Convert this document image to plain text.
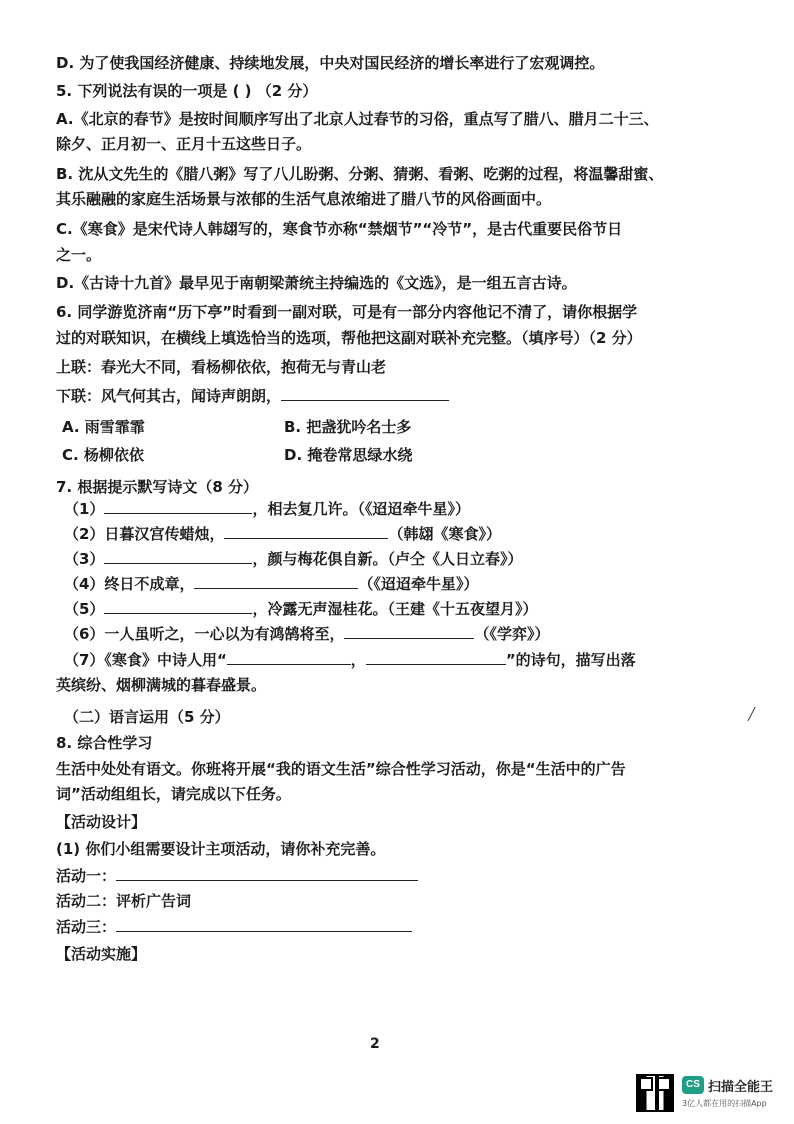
D. 为了使我国经济健康、持续地发展，中央对国民经济的增长率进行了宏观调控。
5. 下列说法有误的一项是 ( ) （2 分）
A.《北京的春节》是按时间顺序写出了北京人过春节的习俗，重点写了腊八、腊月二十三、
除夕、正月初一、正月十五这些日子。
B. 沈从文先生的《腊八粥》写了八儿盼粥、分粥、猜粥、看粥、吃粥的过程，将温馨甜蜜、
其乐融融的家庭生活场景与浓郁的生活气息浓缩进了腊八节的风俗画面中。
C.《寒食》是宋代诗人韩翃写的，寒食节亦称“禁烟节”“冷节”，是古代重要民俗节日
之一。
D.《古诗十九首》最早见于南朝梁萧统主持编选的《文选》，是一组五言古诗。
6. 同学游览济南“历下亭”时看到一副对联，可是有一部分内容他记不清了，请你根据学
过的对联知识，在横线上填选恰当的选项，帮他把这副对联补充完整。（填序号）（2 分）
上联：春光大不同，看杨柳依依，抱荷无与青山老
下联：风气何其古，闻诗声朗朗，
A. 雨雪霏霏	B. 把盏犹吟名士多
C. 杨柳依依	D. 掩卷常思绿水绕
7. 根据提示默写诗文（8 分）
（1）	，相去复几许。（《迢迢牵牛星》）
（2）日暮汉宫传蜡烛，	（韩翃《寒食》）
（3）	，颜与梅花俱自新。（卢仝《人日立春》）
（4）终日不成章，	（《迢迢牵牛星》）
（5）	，冷露无声湿桂花。（王建《十五夜望月》）
（6）一人虽听之，一心以为有鸿鹄将至，	（《学弈》）
（7）《寒食》中诗人用“	，	”的诗句，描写出落
英缤纷、烟柳满城的暮春盛景。
（二）语言运用（5 分）
8. 综合性学习
生活中处处有语文。你班将开展“我的语文生活”综合性学习活动，你是“生活中的广告
词”活动组组长，请完成以下任务。
【活动设计】
(1) 你们小组需要设计主项活动，请你补充完善。
活动一：
活动二：评析广告词
活动三：
【活动实施】
2
╱
CS 扫描全能王
3亿人都在用的扫描App
